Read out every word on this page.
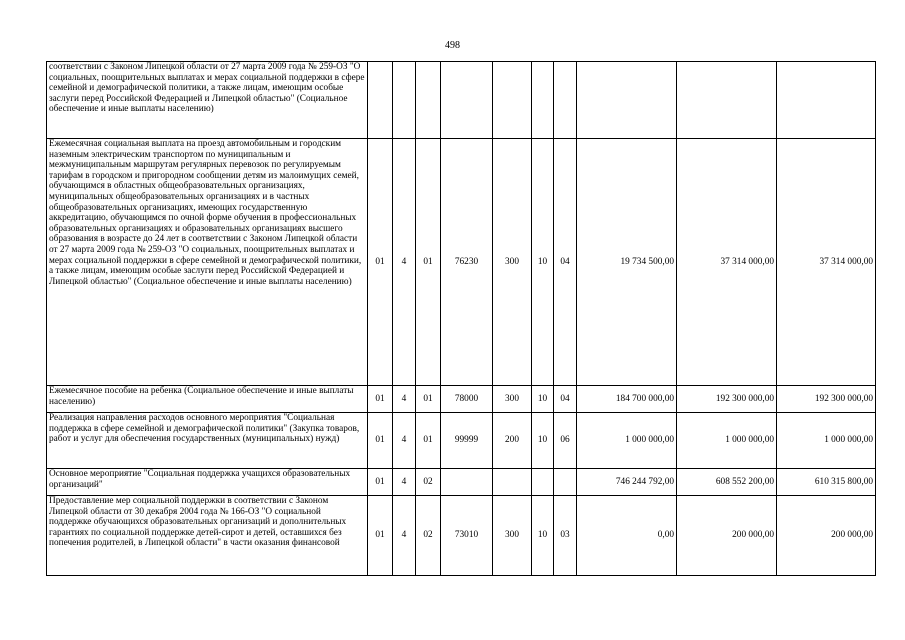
498
соответствии с Законом Липецкой области от 27 марта 2009 года № 259-ОЗ "О социальных, поощрительных выплатах и мерах социальной поддержки в сфере семейной и демографической политики, а также лицам, имеющим особые заслуги перед Российской Федерацией и Липецкой областью" (Социальное обеспечение и иные выплаты населению)										
Ежемесячная социальная выплата на проезд автомобильным и городским наземным электрическим транспортом по муниципальным и межмуниципальным маршрутам регулярных перевозок по регулируемым тарифам в городском и пригородном сообщении детям из малоимущих семей, обучающимся в областных общеобразовательных организациях, муниципальных общеобразовательных организациях и в частных общеобразовательных организациях, имеющих государственную аккредитацию, обучающимся по очной форме обучения в профессиональных образовательных организациях и образовательных организациях высшего образования в возрасте до 24 лет в соответствии с Законом Липецкой области от 27 марта 2009 года № 259-ОЗ "О социальных, поощрительных выплатах и мерах социальной поддержки в сфере семейной и демографической политики, а также лицам, имеющим особые заслуги перед Российской Федерацией и Липецкой областью" (Социальное обеспечение и иные выплаты населению)	01	4	01	76230	300	10	04	19 734 500,00	37 314 000,00	37 314 000,00
Ежемесячное пособие на ребенка (Социальное обеспечение и иные выплаты населению)	01	4	01	78000	300	10	04	184 700 000,00	192 300 000,00	192 300 000,00
Реализация направления расходов основного мероприятия "Социальная поддержка в сфере семейной и демографической политики" (Закупка товаров, работ и услуг для обеспечения государственных (муниципальных) нужд)	01	4	01	99999	200	10	06	1 000 000,00	1 000 000,00	1 000 000,00
Основное мероприятие "Социальная поддержка учащихся образовательных организаций"	01	4	02					746 244 792,00	608 552 200,00	610 315 800,00
Предоставление мер социальной поддержки в соответствии с Законом Липецкой области от 30 декабря 2004 года № 166-ОЗ "О социальной поддержке обучающихся образовательных организаций и дополнительных гарантиях по социальной поддержке детей-сирот и детей, оставшихся без попечения родителей, в Липецкой области" в части оказания финансовой	01	4	02	73010	300	10	03	0,00	200 000,00	200 000,00
